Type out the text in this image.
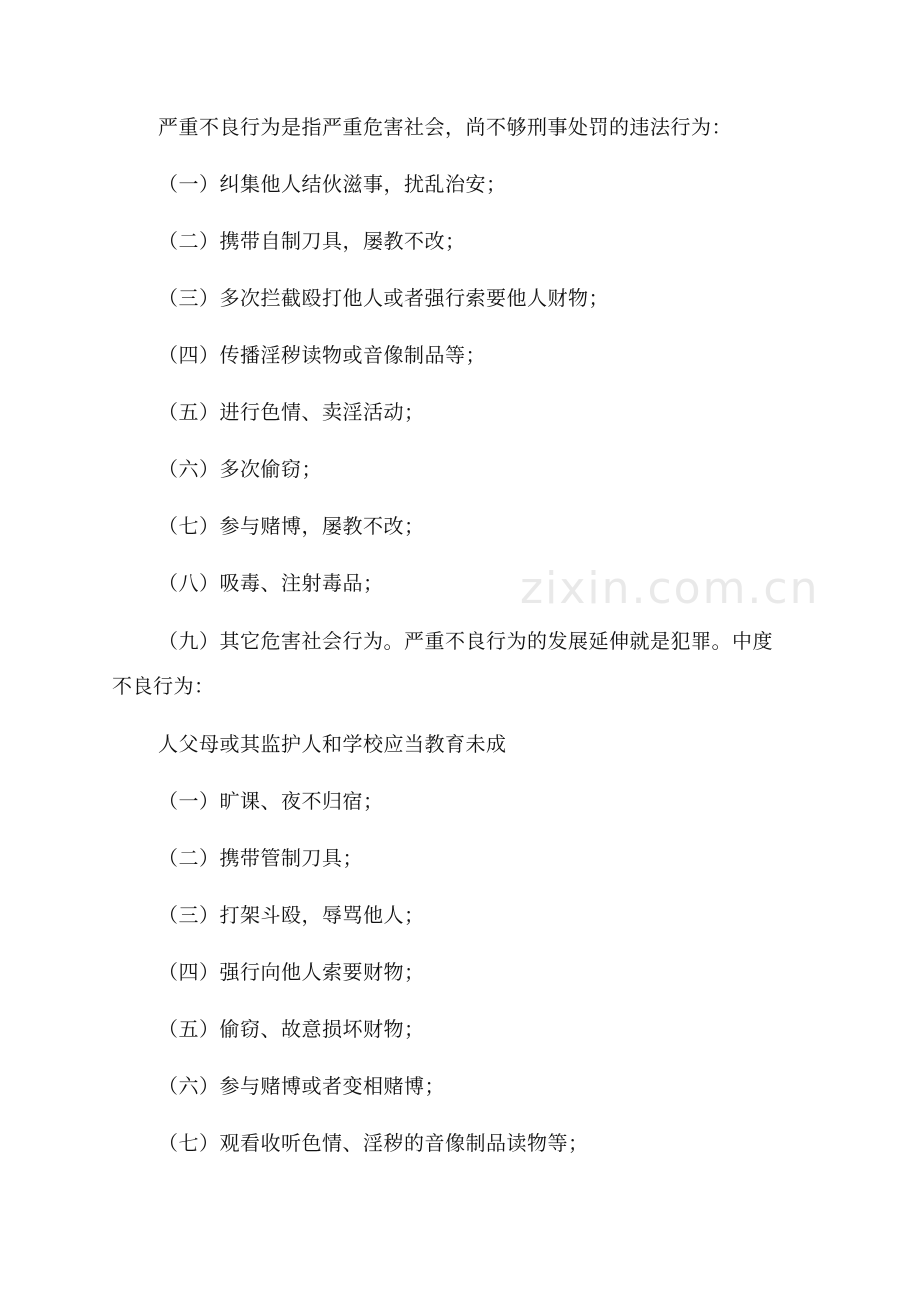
zixin.com.cn
严重不良行为是指严重危害社会，尚不够刑事处罚的违法行为：
（一）纠集他人结伙滋事，扰乱治安；
（二）携带自制刀具，屡教不改；
（三）多次拦截殴打他人或者强行索要他人财物；
（四）传播淫秽读物或音像制品等；
（五）进行色情、卖淫活动；
（六）多次偷窃；
（七）参与赌博，屡教不改；
（八）吸毒、注射毒品；
（九）其它危害社会行为。严重不良行为的发展延伸就是犯罪。中度
不良行为：
人父母或其监护人和学校应当教育未成
（一）旷课、夜不归宿；
（二）携带管制刀具；
（三）打架斗殴，辱骂他人；
（四）强行向他人索要财物；
（五）偷窃、故意损坏财物；
（六）参与赌博或者变相赌博；
（七）观看收听色情、淫秽的音像制品读物等；
